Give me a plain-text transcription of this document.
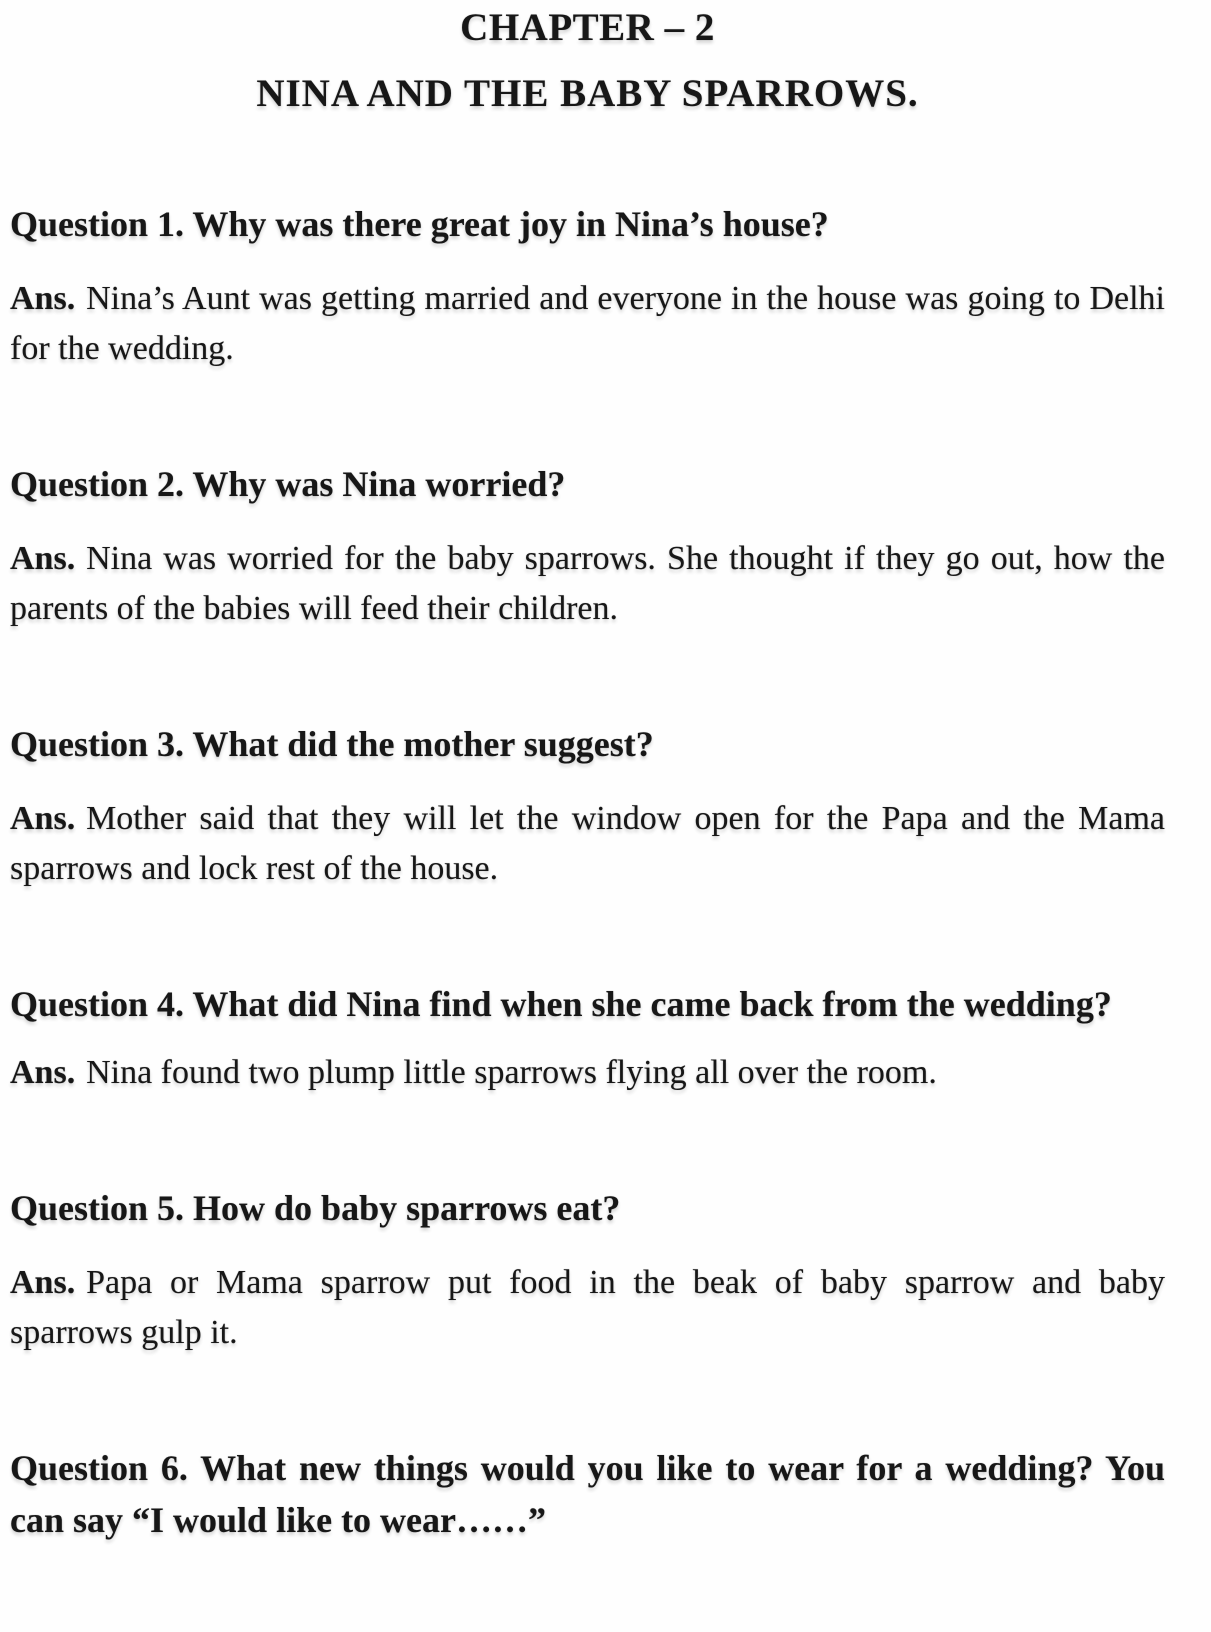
CHAPTER – 2

NINA AND THE BABY SPARROWS.

Question 1. Why was there great joy in Nina’s house?

Ans. Nina’s Aunt was getting married and everyone in the house was going to Delhi for the wedding.

Question 2. Why was Nina worried?

Ans. Nina was worried for the baby sparrows. She thought if they go out, how the parents of the babies will feed their children.

Question 3. What did the mother suggest?

Ans. Mother said that they will let the window open for the Papa and the Mama sparrows and lock rest of the house.

Question 4. What did Nina find when she came back from the wedding?

Ans. Nina found two plump little sparrows flying all over the room.

Question 5. How do baby sparrows eat?

Ans. Papa or Mama sparrow put food in the beak of baby sparrow and baby sparrows gulp it.

Question 6. What new things would you like to wear for a wedding? You can say “I would like to wear……”
